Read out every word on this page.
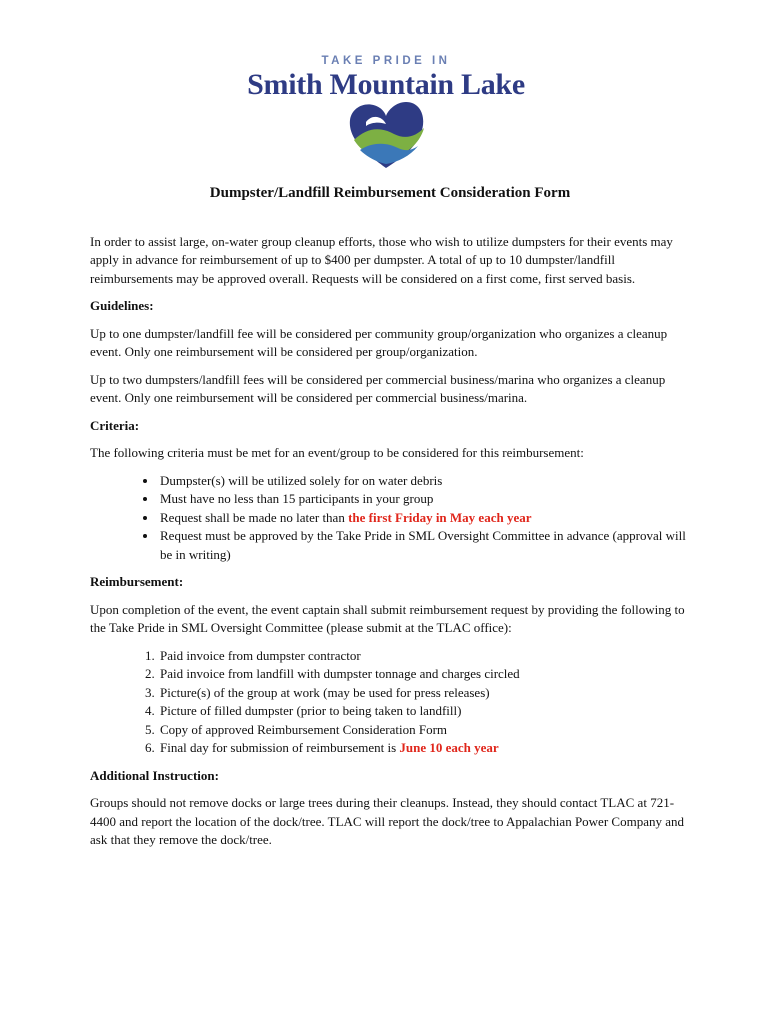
TAKE PRIDE IN
Smith Mountain Lake
Dumpster/Landfill Reimbursement Consideration Form

In order to assist large, on-water group cleanup efforts, those who wish to utilize dumpsters for their events may apply in advance for reimbursement of up to $400 per dumpster. A total of up to 10 dumpster/landfill reimbursements may be approved overall. Requests will be considered on a first come, first served basis.

Guidelines:

Up to one dumpster/landfill fee will be considered per community group/organization who organizes a cleanup event. Only one reimbursement will be considered per group/organization.

Up to two dumpsters/landfill fees will be considered per commercial business/marina who organizes a cleanup event. Only one reimbursement will be considered per commercial business/marina.

Criteria:

The following criteria must be met for an event/group to be considered for this reimbursement:

• Dumpster(s) will be utilized solely for on water debris
• Must have no less than 15 participants in your group
• Request shall be made no later than the first Friday in May each year
• Request must be approved by the Take Pride in SML Oversight Committee in advance (approval will be in writing)
Reimbursement:

Upon completion of the event, the event captain shall submit reimbursement request by providing the following to the Take Pride in SML Oversight Committee (please submit at the TLAC office):

1. Paid invoice from dumpster contractor
2. Paid invoice from landfill with dumpster tonnage and charges circled
3. Picture(s) of the group at work (may be used for press releases)
4. Picture of filled dumpster (prior to being taken to landfill)
5. Copy of approved Reimbursement Consideration Form
6. Final day for submission of reimbursement is June 10 each year
Additional Instruction:

Groups should not remove docks or large trees during their cleanups. Instead, they should contact TLAC at 721-4400 and report the location of the dock/tree. TLAC will report the dock/tree to Appalachian Power Company and ask that they remove the dock/tree.
